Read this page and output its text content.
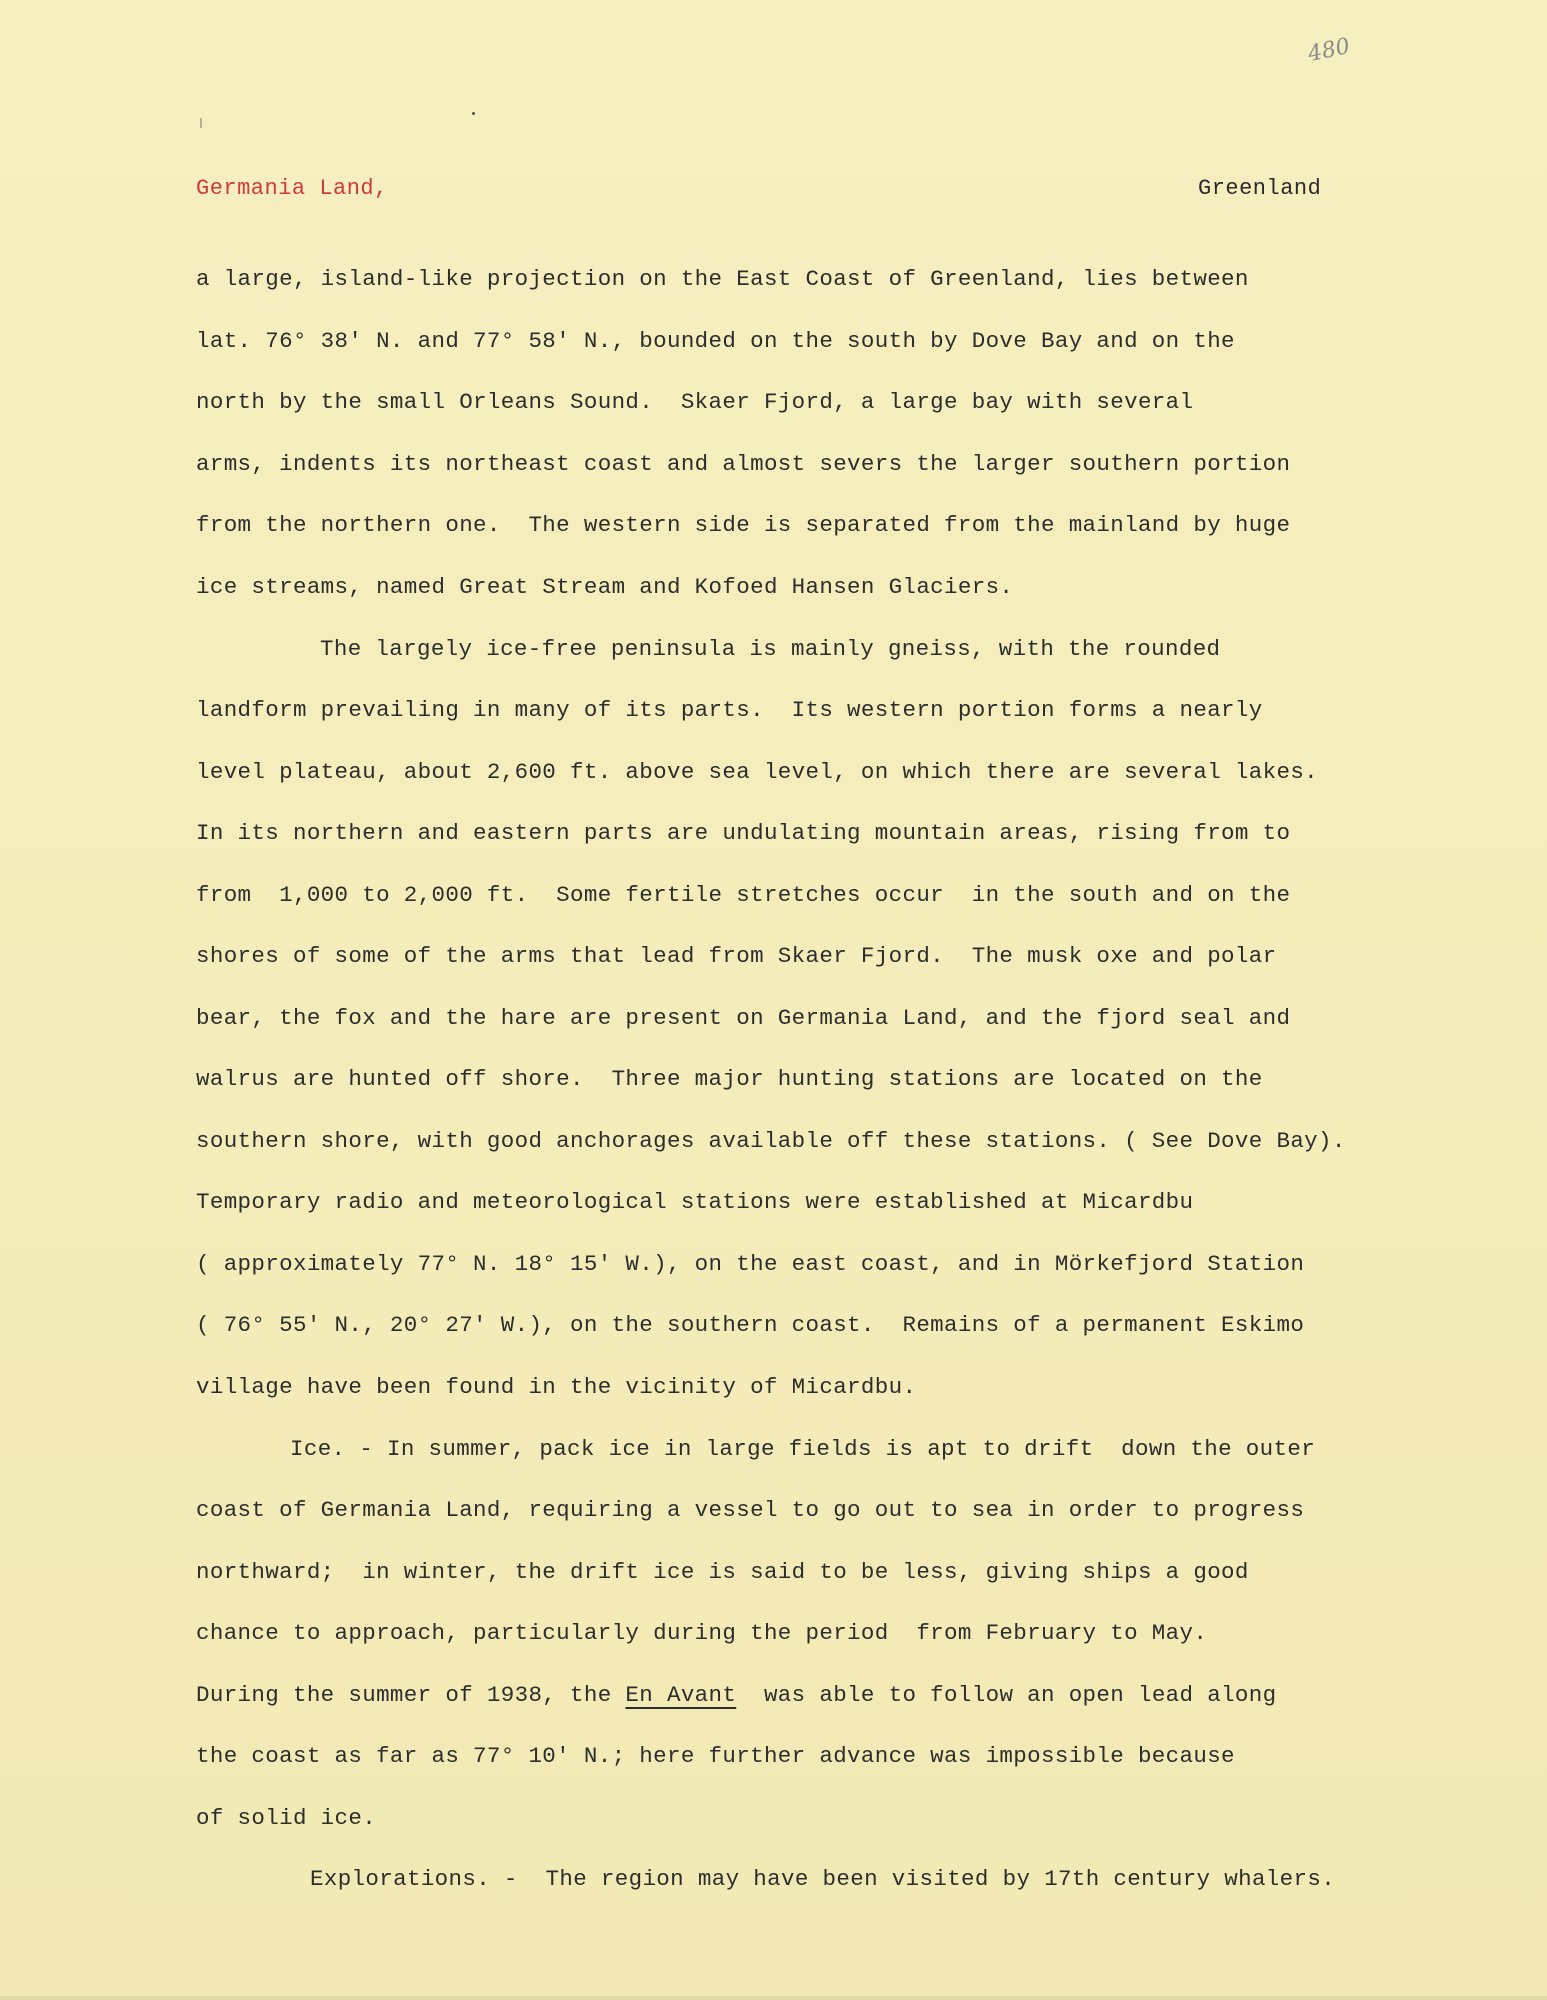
480
Germania Land,	Greenland
a large, island-like projection on the East Coast of Greenland, lies between
lat. 76° 38' N. and 77° 58' N., bounded on the south by Dove Bay and on the
north by the small Orleans Sound.  Skaer Fjord, a large bay with several
arms, indents its northeast coast and almost severs the larger southern portion
from the northern one.  The western side is separated from the mainland by huge
ice streams, named Great Stream and Kofoed Hansen Glaciers.
The largely ice-free peninsula is mainly gneiss, with the rounded
landform prevailing in many of its parts.  Its western portion forms a nearly
level plateau, about 2,600 ft. above sea level, on which there are several lakes.
In its northern and eastern parts are undulating mountain areas, rising from to
from  1,000 to 2,000 ft.  Some fertile stretches occur  in the south and on the
shores of some of the arms that lead from Skaer Fjord.  The musk oxe and polar
bear, the fox and the hare are present on Germania Land, and the fjord seal and
walrus are hunted off shore.  Three major hunting stations are located on the
southern shore, with good anchorages available off these stations. ( See Dove Bay).
Temporary radio and meteorological stations were established at Micardbu
( approximately 77° N. 18° 15' W.), on the east coast, and in Mörkefjord Station
( 76° 55' N., 20° 27' W.), on the southern coast.  Remains of a permanent Eskimo
village have been found in the vicinity of Micardbu.
Ice. - In summer, pack ice in large fields is apt to drift  down the outer
coast of Germania Land, requiring a vessel to go out to sea in order to progress
northward;  in winter, the drift ice is said to be less, giving ships a good
chance to approach, particularly during the period  from February to May.
During the summer of 1938, the En Avant  was able to follow an open lead along
the coast as far as 77° 10' N.; here further advance was impossible because
of solid ice.
Explorations. -  The region may have been visited by 17th century whalers.
